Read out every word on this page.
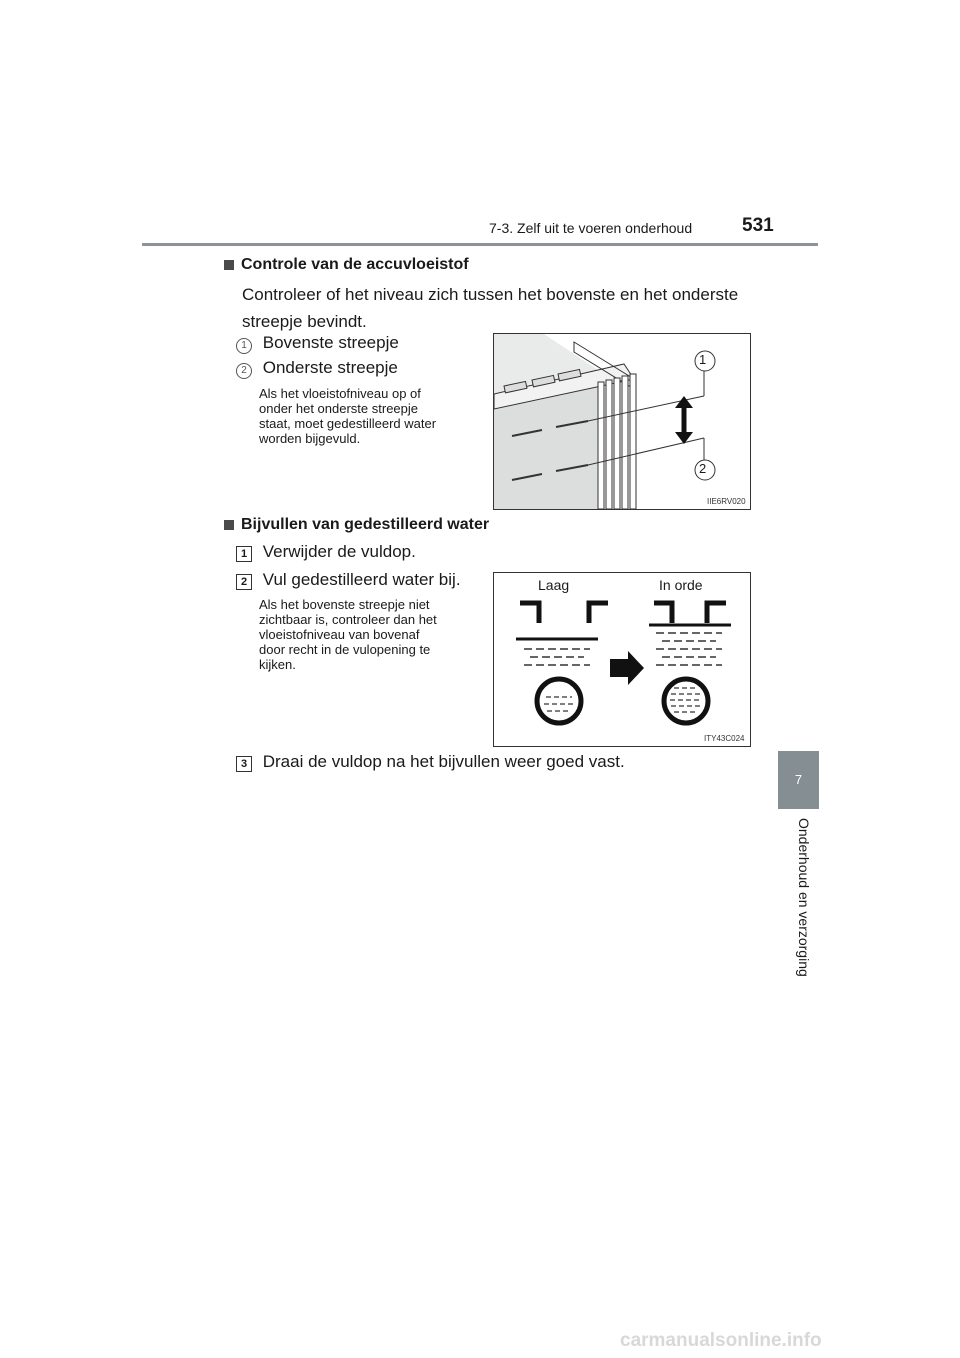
7-3. Zelf uit te voeren onderhoud	531
7
Onderhoud en verzorging
Controle van de accuvloeistof
Controleer of het niveau zich tussen het bovenste en het onderste
streepje bevindt.
1 Bovenste streepje
2 Onderste streepje
Als het vloeistofniveau op of
onder het onderste streepje
staat, moet gedestilleerd water
worden bijgevuld.
1
2
IIE6RV020
Bijvullen van gedestilleerd water
1 Verwijder de vuldop.
2 Vul gedestilleerd water bij.
Als het bovenste streepje niet
zichtbaar is, controleer dan het
vloeistofniveau van bovenaf
door recht in de vulopening te
kijken.
Laag	In orde
ITY43C024
3 Draai de vuldop na het bijvullen weer goed vast.
carmanualsonline.info
